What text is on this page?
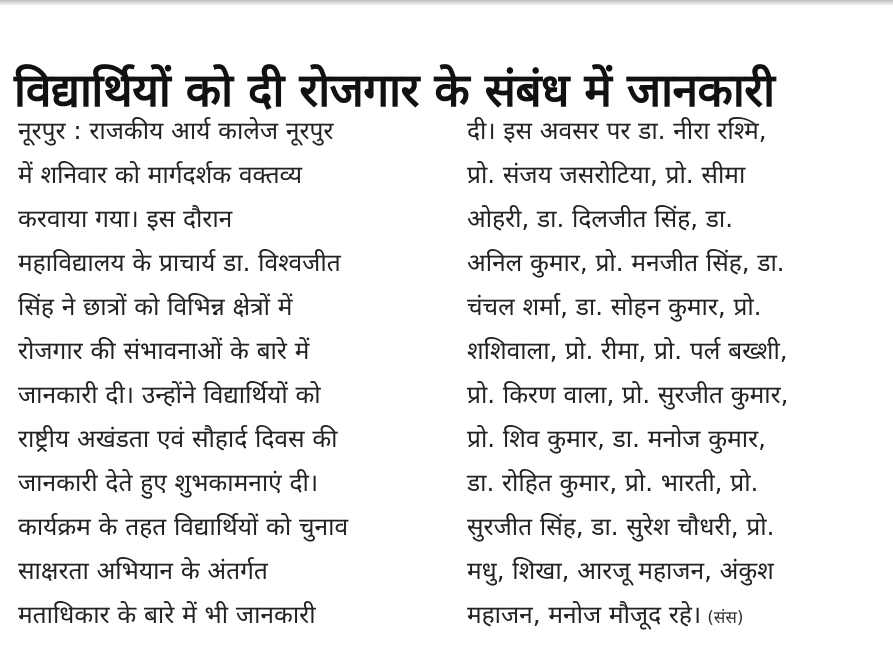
विद्यार्थियों को दी रोजगार के संबंध में जानकारी
नूरपुर : राजकीय आर्य कालेज नूरपुर
में शनिवार को मार्गदर्शक वक्तव्य
करवाया गया। इस दौरान
महाविद्यालय के प्राचार्य डा. विश्वजीत
सिंह ने छात्रों को विभिन्न क्षेत्रों में
रोजगार की संभावनाओं के बारे में
जानकारी दी। उन्होंने विद्यार्थियों को
राष्ट्रीय अखंडता एवं सौहार्द दिवस की
जानकारी देते हुए शुभकामनाएं दी।
कार्यक्रम के तहत विद्यार्थियों को चुनाव
साक्षरता अभियान के अंतर्गत
मताधिकार के बारे में भी जानकारी
दी। इस अवसर पर डा. नीरा रश्मि,
प्रो. संजय जसरोटिया, प्रो. सीमा
ओहरी, डा. दिलजीत सिंह, डा.
अनिल कुमार, प्रो. मनजीत सिंह, डा.
चंचल शर्मा, डा. सोहन कुमार, प्रो.
शशिवाला, प्रो. रीमा, प्रो. पर्ल बख्शी,
प्रो. किरण वाला, प्रो. सुरजीत कुमार,
प्रो. शिव कुमार, डा. मनोज कुमार,
डा. रोहित कुमार, प्रो. भारती, प्रो.
सुरजीत सिंह, डा. सुरेश चौधरी, प्रो.
मधु, शिखा, आरजू महाजन, अंकुश
महाजन, मनोज मौजूद रहे। (संस)
